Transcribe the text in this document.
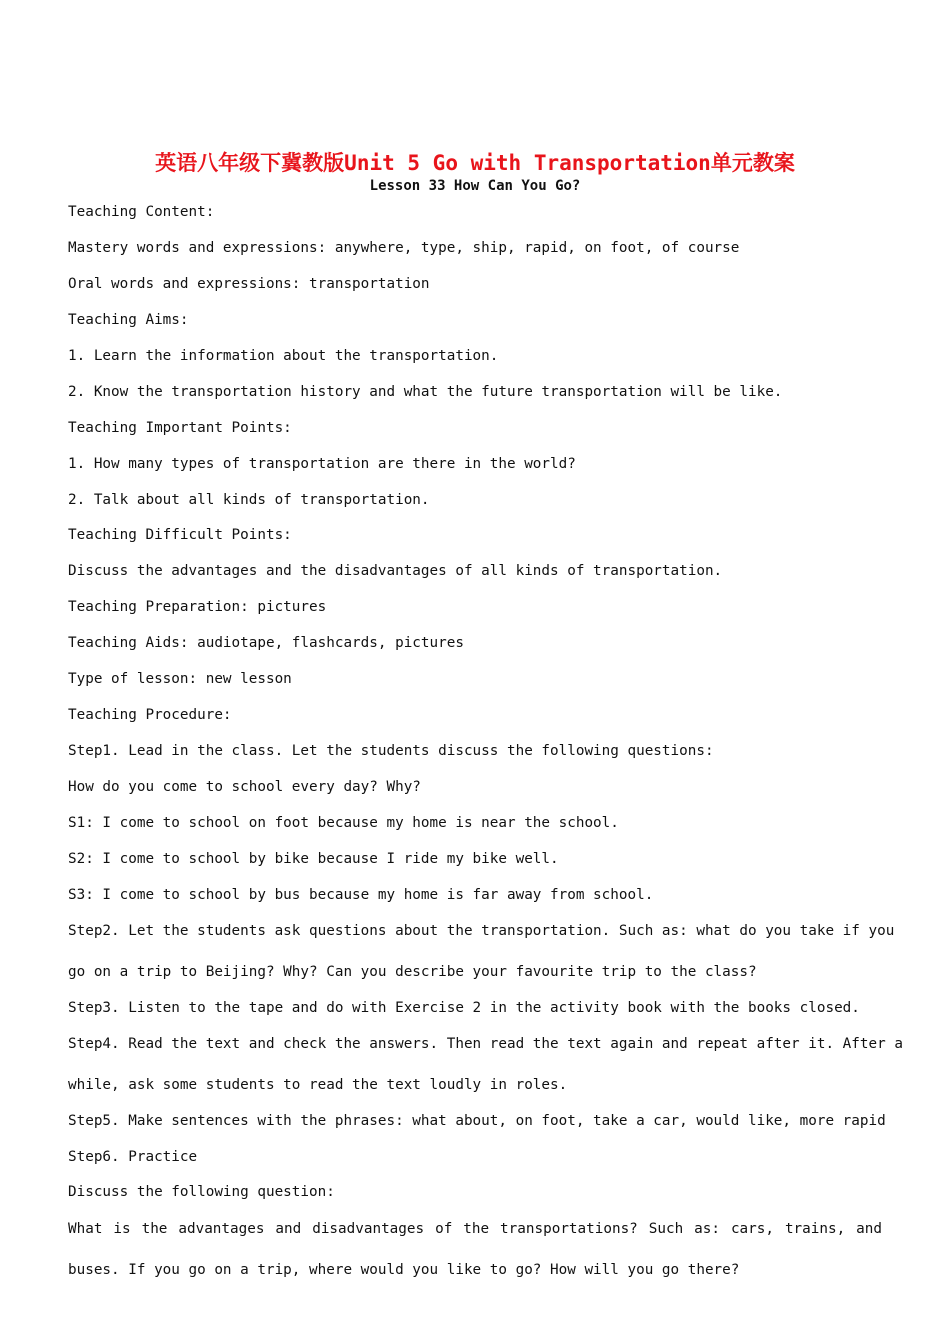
英语八年级下冀教版Unit 5 Go with Transportation单元教案
Lesson 33 How Can You Go?

Teaching Content:

Mastery words and expressions: anywhere, type, ship, rapid, on foot, of course

Oral words and expressions: transportation

Teaching Aims:

1. Learn the information about the transportation.

2. Know the transportation history and what the future transportation will be like.

Teaching Important Points:

1. How many types of transportation are there in the world?

2. Talk about all kinds of transportation.

Teaching Difficult Points:

Discuss the advantages and the disadvantages of all kinds of transportation.

Teaching Preparation: pictures

Teaching Aids: audiotape, flashcards, pictures

Type of lesson: new lesson

Teaching Procedure:

Step1. Lead in the class. Let the students discuss the following questions:

How do you come to school every day? Why?

S1: I come to school on foot because my home is near the school.

S2: I come to school by bike because I ride my bike well.

S3: I come to school by bus because my home is far away from school.

Step2. Let the students ask questions about the transportation. Such as: what do you take if you
go on a trip to Beijing? Why? Can you describe your favourite trip to the class?

Step3. Listen to the tape and do with Exercise 2 in the activity book with the books closed.

Step4. Read the text and check the answers. Then read the text again and repeat after it. After a
while, ask some students to read the text loudly in roles.

Step5. Make sentences with the phrases: what about, on foot, take a car, would like, more rapid

Step6. Practice

Discuss the following question:

What is the advantages and disadvantages of the transportations? Such as: cars, trains, and
buses. If you go on a trip, where would you like to go? How will you go there?
